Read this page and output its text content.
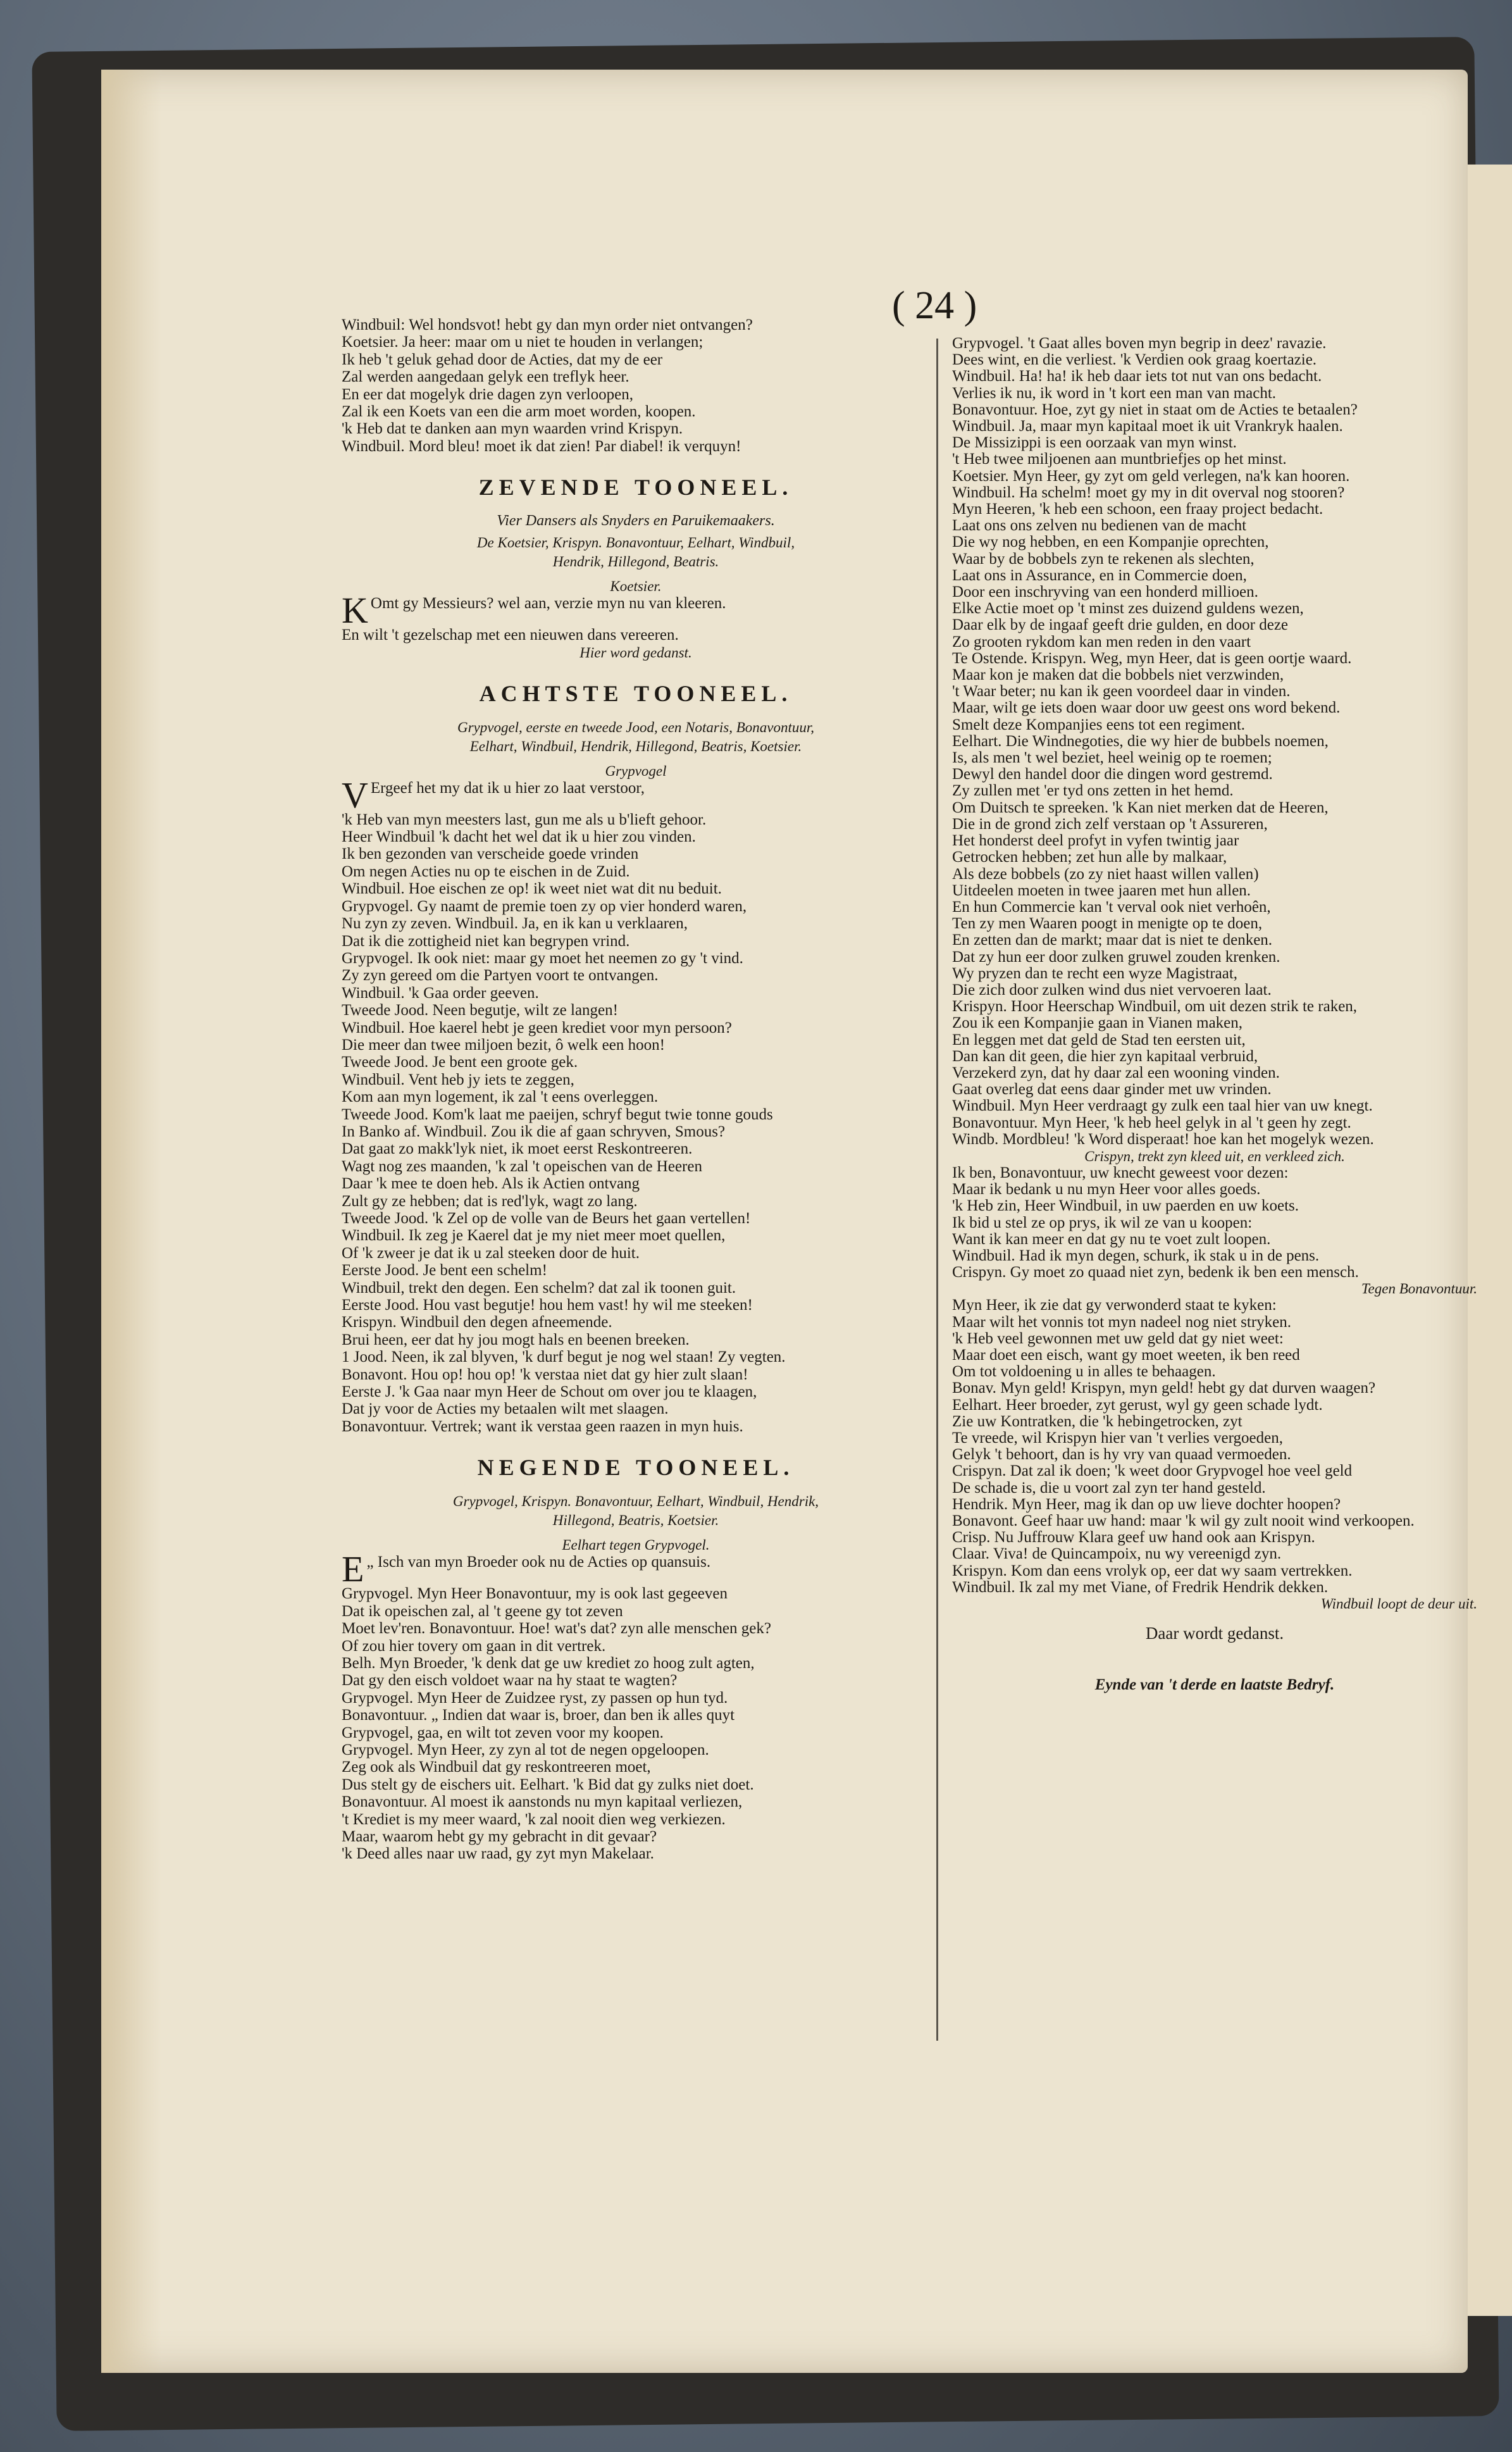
( 24 )
Windbuil: Wel hondsvot! hebt gy dan myn order niet ontvangen?
Koetsier. Ja heer: maar om u niet te houden in verlangen;
Ik heb 't geluk gehad door de Acties, dat my de eer
Zal werden aangedaan gelyk een treflyk heer.
En eer dat mogelyk drie dagen zyn verloopen,
Zal ik een Koets van een die arm moet worden, koopen.
'k Heb dat te danken aan myn waarden vrind Krispyn.
Windbuil. Mord bleu! moet ik dat zien! Par diabel! ik verquyn!
ZEVENDE TOONEEL.
Vier Dansers als Snyders en Paruikemaakers.
De Koetsier, Krispyn. Bonavontuur, Eelhart, Windbuil,
Hendrik, Hillegond, Beatris.
Koetsier.
K Omt gy Messieurs? wel aan, verzie myn nu van kleeren.
En wilt 't gezelschap met een nieuwen dans vereeren.
Hier word gedanst.
ACHTSTE TOONEEL.
Grypvogel, eerste en tweede Jood, een Notaris, Bonavontuur,
Eelhart, Windbuil, Hendrik, Hillegond, Beatris, Koetsier.
Grypvogel
V Ergeef het my dat ik u hier zo laat verstoor,
'k Heb van myn meesters last, gun me als u b'lieft gehoor.
Heer Windbuil 'k dacht het wel dat ik u hier zou vinden.
Ik ben gezonden van verscheide goede vrinden
Om negen Acties nu op te eischen in de Zuid.
Windbuil. Hoe eischen ze op! ik weet niet wat dit nu beduit.
Grypvogel. Gy naamt de premie toen zy op vier honderd waren,
Nu zyn zy zeven. Windbuil. Ja, en ik kan u verklaaren,
Dat ik die zottigheid niet kan begrypen vrind.
Grypvogel. Ik ook niet: maar gy moet het neemen zo gy 't vind.
Zy zyn gereed om die Partyen voort te ontvangen.
Windbuil. 'k Gaa order geeven.
Tweede Jood. Neen begutje, wilt ze langen!
Windbuil. Hoe kaerel hebt je geen krediet voor myn persoon?
Die meer dan twee miljoen bezit, ô welk een hoon!
Tweede Jood. Je bent een groote gek.
Windbuil. Vent heb jy iets te zeggen,
Kom aan myn logement, ik zal 't eens overleggen.
Tweede Jood. Kom'k laat me paeijen, schryf begut twie tonne gouds
In Banko af. Windbuil. Zou ik die af gaan schryven, Smous?
Dat gaat zo makk'lyk niet, ik moet eerst Reskontreeren.
Wagt nog zes maanden, 'k zal 't opeischen van de Heeren
Daar 'k mee te doen heb. Als ik Actien ontvang
Zult gy ze hebben; dat is red'lyk, wagt zo lang.
Tweede Jood. 'k Zel op de volle van de Beurs het gaan vertellen!
Windbuil. Ik zeg je Kaerel dat je my niet meer moet quellen,
Of 'k zweer je dat ik u zal steeken door de huit.
Eerste Jood. Je bent een schelm!
Windbuil, trekt den degen. Een schelm? dat zal ik toonen guit.
Eerste Jood. Hou vast begutje! hou hem vast! hy wil me steeken!
Krispyn. Windbuil den degen afneemende.
Brui heen, eer dat hy jou mogt hals en beenen breeken.
1 Jood. Neen, ik zal blyven, 'k durf begut je nog wel staan! Zy vegten.
Bonavont. Hou op! hou op! 'k verstaa niet dat gy hier zult slaan!
Eerste J. 'k Gaa naar myn Heer de Schout om over jou te klaagen,
Dat jy voor de Acties my betaalen wilt met slaagen.
Bonavontuur. Vertrek; want ik verstaa geen raazen in myn huis.
NEGENDE TOONEEL.
Grypvogel, Krispyn. Bonavontuur, Eelhart, Windbuil, Hendrik,
Hillegond, Beatris, Koetsier.
Eelhart tegen Grypvogel.
E „ Isch van myn Broeder ook nu de Acties op quansuis.
Grypvogel. Myn Heer Bonavontuur, my is ook last gegeeven
Dat ik opeischen zal, al 't geene gy tot zeven
Moet lev'ren. Bonavontuur. Hoe! wat's dat? zyn alle menschen gek?
Of zou hier tovery om gaan in dit vertrek.
Belh. Myn Broeder, 'k denk dat ge uw krediet zo hoog zult agten,
Dat gy den eisch voldoet waar na hy staat te wagten?
Grypvogel. Myn Heer de Zuidzee ryst, zy passen op hun tyd.
Bonavontuur. „ Indien dat waar is, broer, dan ben ik alles quyt
Grypvogel, gaa, en wilt tot zeven voor my koopen.
Grypvogel. Myn Heer, zy zyn al tot de negen opgeloopen.
Zeg ook als Windbuil dat gy reskontreeren moet,
Dus stelt gy de eischers uit. Eelhart. 'k Bid dat gy zulks niet doet.
Bonavontuur. Al moest ik aanstonds nu myn kapitaal verliezen,
't Krediet is my meer waard, 'k zal nooit dien weg verkiezen.
Maar, waarom hebt gy my gebracht in dit gevaar?
'k Deed alles naar uw raad, gy zyt myn Makelaar.
Grypvogel. 't Gaat alles boven myn begrip in deez' ravazie.
Dees wint, en die verliest. 'k Verdien ook graag koertazie.
Windbuil. Ha! ha! ik heb daar iets tot nut van ons bedacht.
Verlies ik nu, ik word in 't kort een man van macht.
Bonavontuur. Hoe, zyt gy niet in staat om de Acties te betaalen?
Windbuil. Ja, maar myn kapitaal moet ik uit Vrankryk haalen.
De Missizippi is een oorzaak van myn winst.
't Heb twee miljoenen aan muntbriefjes op het minst.
Koetsier. Myn Heer, gy zyt om geld verlegen, na'k kan hooren.
Windbuil. Ha schelm! moet gy my in dit overval nog stooren?
Myn Heeren, 'k heb een schoon, een fraay project bedacht.
Laat ons ons zelven nu bedienen van de macht
Die wy nog hebben, en een Kompanjie oprechten,
Waar by de bobbels zyn te rekenen als slechten,
Laat ons in Assurance, en in Commercie doen,
Door een inschryving van een honderd millioen.
Elke Actie moet op 't minst zes duizend guldens wezen,
Daar elk by de ingaaf geeft drie gulden, en door deze
Zo grooten rykdom kan men reden in den vaart
Te Ostende. Krispyn. Weg, myn Heer, dat is geen oortje waard.
Maar kon je maken dat die bobbels niet verzwinden,
't Waar beter; nu kan ik geen voordeel daar in vinden.
Maar, wilt ge iets doen waar door uw geest ons word bekend.
Smelt deze Kompanjies eens tot een regiment.
Eelhart. Die Windnegoties, die wy hier de bubbels noemen,
Is, als men 't wel beziet, heel weinig op te roemen;
Dewyl den handel door die dingen word gestremd.
Zy zullen met 'er tyd ons zetten in het hemd.
Om Duitsch te spreeken. 'k Kan niet merken dat de Heeren,
Die in de grond zich zelf verstaan op 't Assureren,
Het honderst deel profyt in vyfen twintig jaar
Getrocken hebben; zet hun alle by malkaar,
Als deze bobbels (zo zy niet haast willen vallen)
Uitdeelen moeten in twee jaaren met hun allen.
En hun Commercie kan 't verval ook niet verhoên,
Ten zy men Waaren poogt in menigte op te doen,
En zetten dan de markt; maar dat is niet te denken.
Dat zy hun eer door zulken gruwel zouden krenken.
Wy pryzen dan te recht een wyze Magistraat,
Die zich door zulken wind dus niet vervoeren laat.
Krispyn. Hoor Heerschap Windbuil, om uit dezen strik te raken,
Zou ik een Kompanjie gaan in Vianen maken,
En leggen met dat geld de Stad ten eersten uit,
Dan kan dit geen, die hier zyn kapitaal verbruid,
Verzekerd zyn, dat hy daar zal een wooning vinden.
Gaat overleg dat eens daar ginder met uw vrinden.
Windbuil. Myn Heer verdraagt gy zulk een taal hier van uw knegt.
Bonavontuur. Myn Heer, 'k heb heel gelyk in al 't geen hy zegt.
Windb. Mordbleu! 'k Word disperaat! hoe kan het mogelyk wezen.
Crispyn, trekt zyn kleed uit, en verkleed zich.
Ik ben, Bonavontuur, uw knecht geweest voor dezen:
Maar ik bedank u nu myn Heer voor alles goeds.
'k Heb zin, Heer Windbuil, in uw paerden en uw koets.
Ik bid u stel ze op prys, ik wil ze van u koopen:
Want ik kan meer en dat gy nu te voet zult loopen.
Windbuil. Had ik myn degen, schurk, ik stak u in de pens.
Crispyn. Gy moet zo quaad niet zyn, bedenk ik ben een mensch.
Tegen Bonavontuur.
Myn Heer, ik zie dat gy verwonderd staat te kyken:
Maar wilt het vonnis tot myn nadeel nog niet stryken.
'k Heb veel gewonnen met uw geld dat gy niet weet:
Maar doet een eisch, want gy moet weeten, ik ben reed
Om tot voldoening u in alles te behaagen.
Bonav. Myn geld! Krispyn, myn geld! hebt gy dat durven waagen?
Eelhart. Heer broeder, zyt gerust, wyl gy geen schade lydt.
Zie uw Kontratken, die 'k hebingetrocken, zyt
Te vreede, wil Krispyn hier van 't verlies vergoeden,
Gelyk 't behoort, dan is hy vry van quaad vermoeden.
Crispyn. Dat zal ik doen; 'k weet door Grypvogel hoe veel geld
De schade is, die u voort zal zyn ter hand gesteld.
Hendrik. Myn Heer, mag ik dan op uw lieve dochter hoopen?
Bonavont. Geef haar uw hand: maar 'k wil gy zult nooit wind verkoopen.
Crisp. Nu Juffrouw Klara geef uw hand ook aan Krispyn.
Claar. Viva! de Quincampoix, nu wy vereenigd zyn.
Krispyn. Kom dan eens vrolyk op, eer dat wy saam vertrekken.
Windbuil. Ik zal my met Viane, of Fredrik Hendrik dekken.
Windbuil loopt de deur uit.
Daar wordt gedanst.
Eynde van 't derde en laatste Bedryf.
